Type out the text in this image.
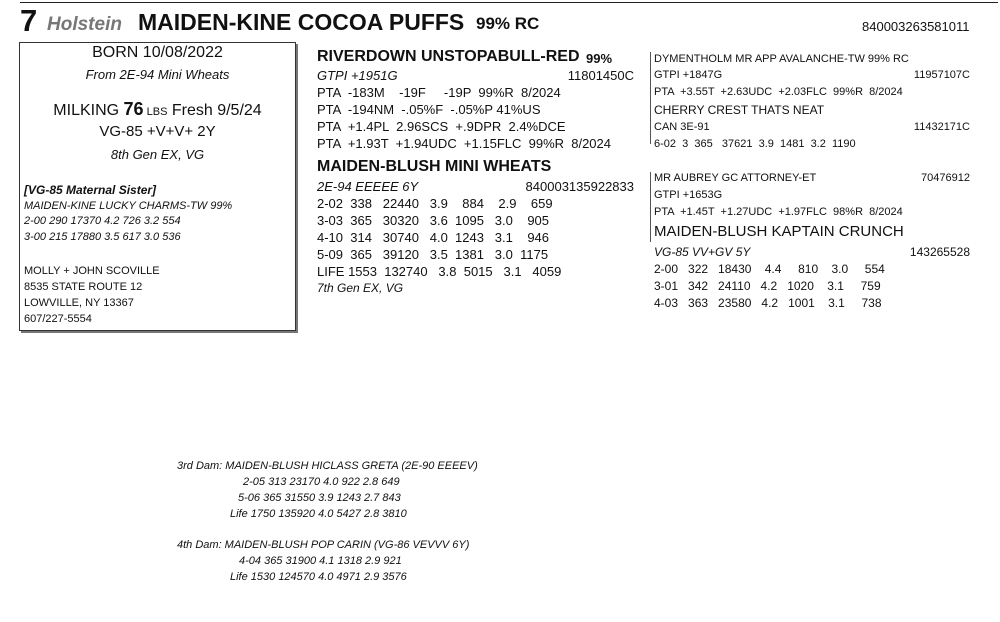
7 Holstein MAIDEN-KINE COCOA PUFFS 99% RC	840003263581011
BORN 10/08/2022
From 2E-94 Mini Wheats
MILKING 76 LBS Fresh 9/5/24
VG-85 +V+V+ 2Y
8th Gen EX, VG
[VG-85 Maternal Sister]
MAIDEN-KINE LUCKY CHARMS-TW 99%
2-00 290 17370 4.2 726 3.2 554
3-00 215 17880 3.5 617 3.0 536
MOLLY + JOHN SCOVILLE
8535 STATE ROUTE 12
LOWVILLE, NY 13367
607/227-5554
RIVERDOWN UNSTOPABULL-RED 99%
GTPI +1951G	11801450C
PTA  -183M    -19F     -19P  99%R  8/2024
PTA  -194NM  -.05%F  -.05%P 41%US
PTA  +1.4PL  2.96SCS  +.9DPR  2.4%DCE
PTA  +1.93T  +1.94UDC  +1.15FLC  99%R  8/2024
MAIDEN-BLUSH MINI WHEATS
2E-94 EEEEE 6Y	840003135922833
2-02  338   22440   3.9    884    2.9    659
3-03  365   30320   3.6  1095   3.0    905
4-10  314   30740   4.0  1243   3.1    946
5-09  365   39120   3.5  1381   3.0  1175
LIFE 1553  132740   3.8  5015   3.1   4059
7th Gen EX, VG
DYMENTHOLM MR APP AVALANCHE-TW 99% RC
GTPI +1847G	11957107C
PTA  +3.55T  +2.63UDC  +2.03FLC  99%R  8/2024
CHERRY CREST THATS NEAT
CAN 3E-91	11432171C
6-02  3  365   37621  3.9  1481  3.2  1190
MR AUBREY GC ATTORNEY-ET	70476912
GTPI +1653G
PTA  +1.45T  +1.27UDC  +1.97FLC  98%R  8/2024
MAIDEN-BLUSH KAPTAIN CRUNCH
VG-85 VV+GV 5Y	143265528
2-00   322   18430    4.4     810    3.0     554
3-01   342   24110   4.2   1020    3.1     759
4-03   363   23580   4.2   1001    3.1     738
3rd Dam: MAIDEN-BLUSH HICLASS GRETA (2E-90 EEEEV)
2-05 313 23170 4.0 922 2.8 649
5-06 365 31550 3.9 1243 2.7 843
Life 1750 135920 4.0 5427 2.8 3810
4th Dam: MAIDEN-BLUSH POP CARIN (VG-86 VEVVV 6Y)
4-04 365 31900 4.1 1318 2.9 921
Life 1530 124570 4.0 4971 2.9 3576
